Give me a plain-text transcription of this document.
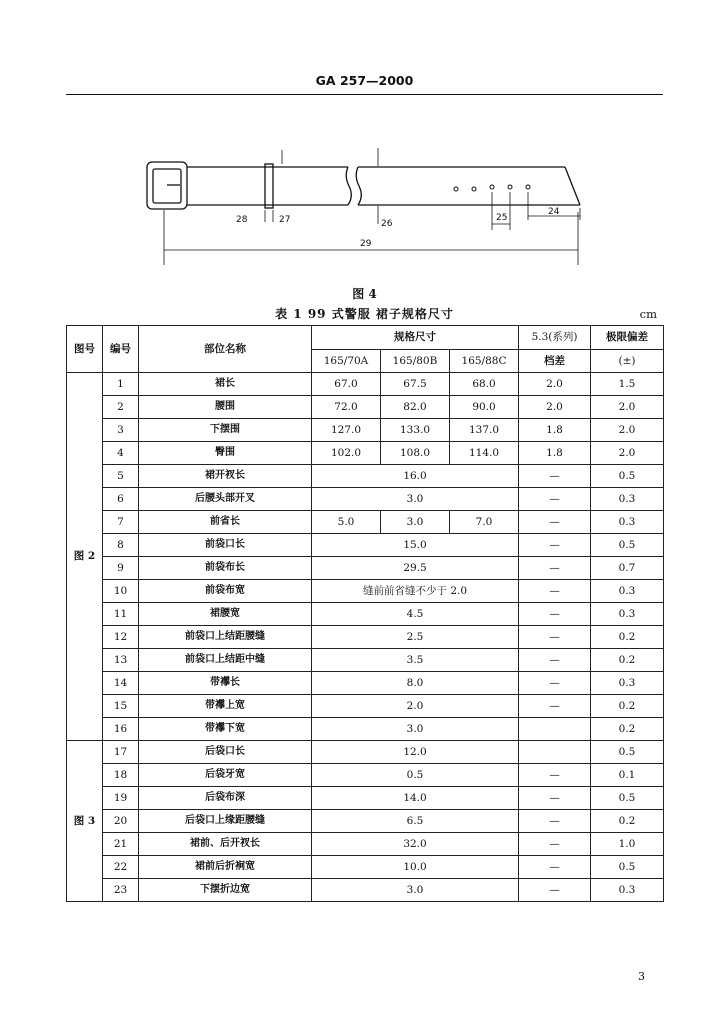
GA 257—2000
28	27	26
25
24
29
图 4
表 1 99 式警服 裙子规格尺寸	cm
图号	编号	部位名称	规格尺寸			5.3(系列)	极限偏差
			165/70A	165/80B	165/88C	档差	(±)
图 2	1	裙长	67.0	67.5	68.0	2.0	1.5
	2	腰围	72.0	82.0	90.0	2.0	2.0
	3	下摆围	127.0	133.0	137.0	1.8	2.0
	4	臀围	102.0	108.0	114.0	1.8	2.0
	5	裙开衩长	16.0			—	0.5
	6	后腰头部开叉	3.0			—	0.3
	7	前省长	5.0	3.0	7.0	—	0.3
	8	前袋口长	15.0			—	0.5
	9	前袋布长	29.5			—	0.7
	10	前袋布宽	缝前前省缝不少于 2.0			—	0.3
	11	裙腰宽	4.5			—	0.3
	12	前袋口上结距腰缝	2.5			—	0.2
	13	前袋口上结距中缝	3.5			—	0.2
	14	带襻长	8.0			—	0.3
	15	带襻上宽	2.0			—	0.2
	16	带襻下宽	3.0				0.2
图 3	17	后袋口长	12.0				0.5
	18	后袋牙宽	0.5			—	0.1
	19	后袋布深	14.0			—	0.5
	20	后袋口上缘距腰缝	6.5			—	0.2
	21	裙前、后开衩长	32.0			—	1.0
	22	裙前后折裥宽	10.0			—	0.5
	23	下摆折边宽	3.0			—	0.3
3
